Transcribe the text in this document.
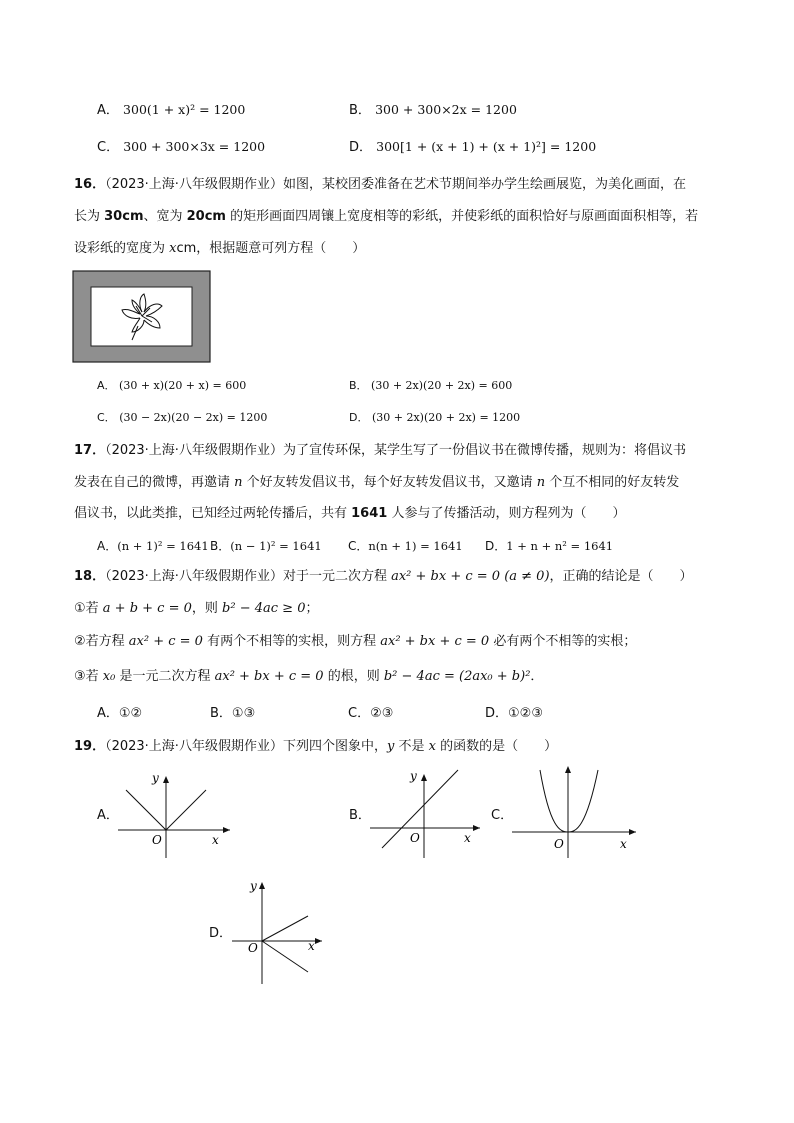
A． 300(1 + x)² = 1200	B． 300 + 300×2x = 1200
C． 300 + 300×3x = 1200	D． 300[1 + (x + 1) + (x + 1)²] = 1200
16．（2023·上海·八年级假期作业）如图，某校团委准备在艺术节期间举办学生绘画展览，为美化画面，在
长为 30cm、宽为 20cm 的矩形画面四周镶上宽度相等的彩纸，并使彩纸的面积恰好与原画面面积相等，若
设彩纸的宽度为 xcm，根据题意可列方程（　　）
A． (30 + x)(20 + x) = 600	B． (30 + 2x)(20 + 2x) = 600
C． (30 − 2x)(20 − 2x) = 1200	D． (30 + 2x)(20 + 2x) = 1200
17．（2023·上海·八年级假期作业）为了宣传环保，某学生写了一份倡议书在微博传播，规则为：将倡议书
发表在自己的微博，再邀请 n 个好友转发倡议书，每个好友转发倡议书，又邀请 n 个互不相同的好友转发
倡议书，以此类推，已知经过两轮传播后，共有 1641 人参与了传播活动，则方程列为（　　）
A．(n + 1)² = 1641 B．(n − 1)² = 1641 C．n(n + 1) = 1641 D．1 + n + n² = 1641
18．（2023·上海·八年级假期作业）对于一元二次方程 ax² + bx + c = 0 (a ≠ 0)，正确的结论是（　　）
①若 a + b + c = 0，则 b² − 4ac ≥ 0；
②若方程 ax² + c = 0 有两个不相等的实根，则方程 ax² + bx + c = 0 必有两个不相等的实根；
③若 x₀ 是一元二次方程 ax² + bx + c = 0 的根，则 b² − 4ac = (2ax₀ + b)²．
A．①②	B．①③	C．②③	D．①②③
19．（2023·上海·八年级假期作业）下列四个图象中，y 不是 x 的函数的是（　　）
A．
y
O	x
B．
y
O	x
C．
O	x
D．
y
O	x
